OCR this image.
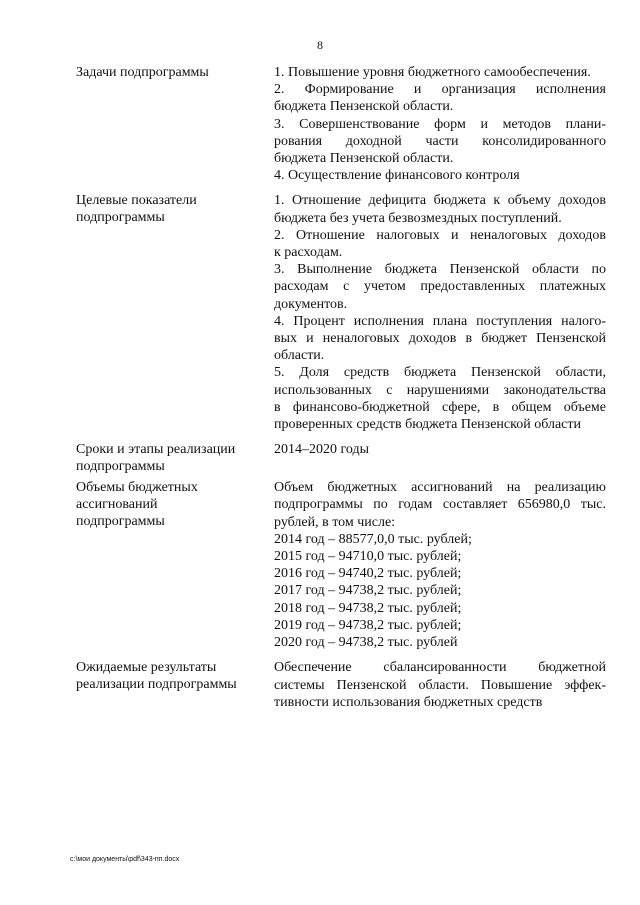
8
Задачи подпрограммы	1. Повышение уровня бюджетного самообеспечения.
2. Формирование и организация исполнения
бюджета Пензенской области.
3. Совершенствование форм и методов плани-
рования доходной части консолидированного
бюджета Пензенской области.
4. Осуществление финансового контроля
Целевые показатели
подпрограммы
1. Отношение дефицита бюджета к объему доходов
бюджета без учета безвозмездных поступлений.
2. Отношение налоговых и неналоговых доходов
к расходам.
3. Выполнение бюджета Пензенской области по
расходам с учетом предоставленных платежных
документов.
4. Процент исполнения плана поступления налого-
вых и неналоговых доходов в бюджет Пензенской
области.
5. Доля средств бюджета Пензенской области,
использованных с нарушениями законодательства
в финансово-бюджетной сфере, в общем объеме
проверенных средств бюджета Пензенской области
Сроки и этапы реализации
подпрограммы
2014–2020 годы
Объемы бюджетных
ассигнований
подпрограммы
Объем бюджетных ассигнований на реализацию
подпрограммы по годам составляет 656980,0 тыс.
рублей, в том числе:
2014 год – 88577,0,0 тыс. рублей;
2015 год – 94710,0 тыс. рублей;
2016 год – 94740,2 тыс. рублей;
2017 год – 94738,2 тыс. рублей;
2018 год – 94738,2 тыс. рублей;
2019 год – 94738,2 тыс. рублей;
2020 год – 94738,2 тыс. рублей
Ожидаемые результаты
реализации подпрограммы
Обеспечение сбалансированности бюджетной
системы Пензенской области. Повышение эффек-
тивности использования бюджетных средств
c:\мои документы\pdf\343-пп.docx
